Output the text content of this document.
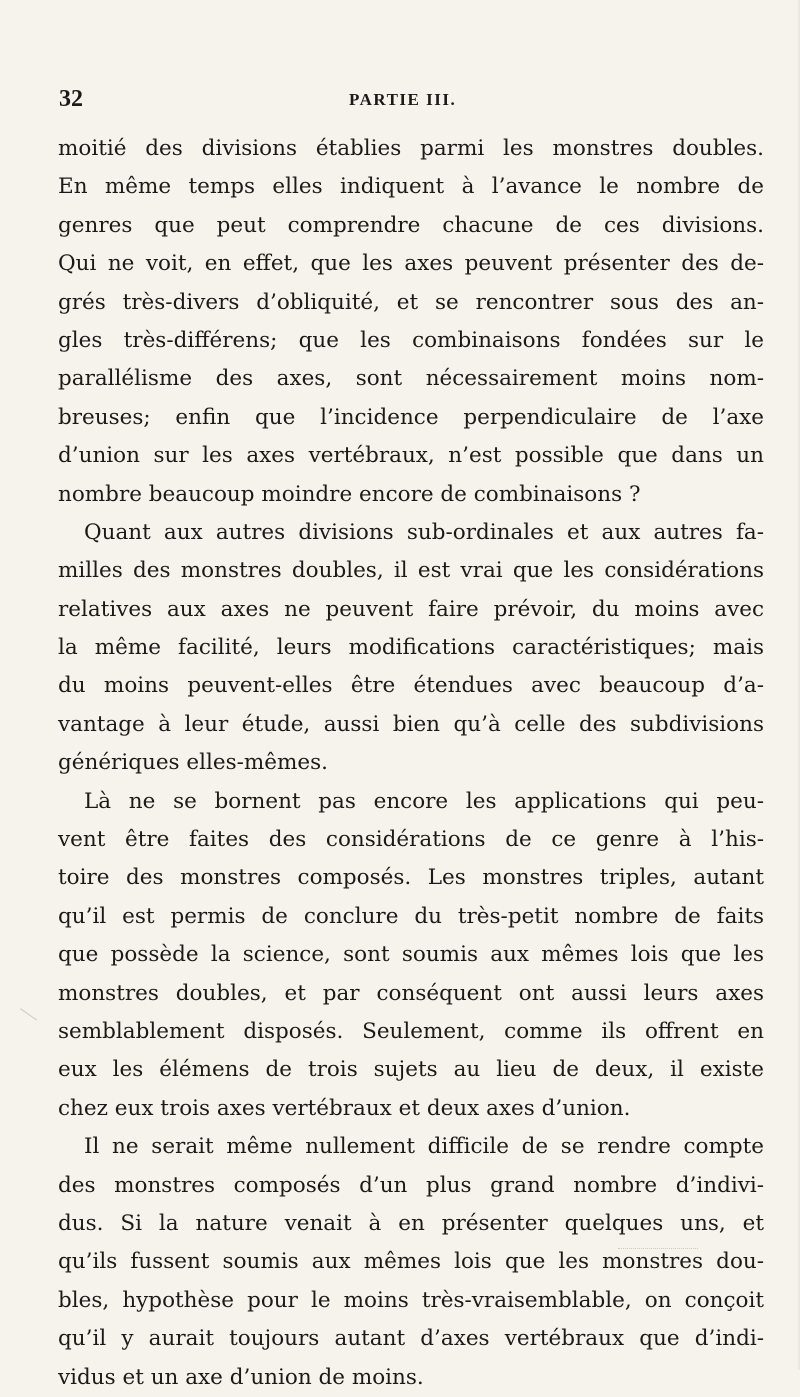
32	PARTIE III.
moitié des divisions établies parmi les monstres doubles.
En même temps elles indiquent à l’avance le nombre de
genres que peut comprendre chacune de ces divisions.
Qui ne voit, en effet, que les axes peuvent présenter des de-
grés très-divers d’obliquité, et se rencontrer sous des an-
gles très-différens; que les combinaisons fondées sur le
parallélisme des axes, sont nécessairement moins nom-
breuses; enfin que l’incidence perpendiculaire de l’axe
d’union sur les axes vertébraux, n’est possible que dans un
nombre beaucoup moindre encore de combinaisons ?
Quant aux autres divisions sub-ordinales et aux autres fa-
milles des monstres doubles, il est vrai que les considérations
relatives aux axes ne peuvent faire prévoir, du moins avec
la même facilité, leurs modifications caractéristiques; mais
du moins peuvent-elles être étendues avec beaucoup d’a-
vantage à leur étude, aussi bien qu’à celle des subdivisions
génériques elles-mêmes.
Là ne se bornent pas encore les applications qui peu-
vent être faites des considérations de ce genre à l’his-
toire des monstres composés. Les monstres triples, autant
qu’il est permis de conclure du très-petit nombre de faits
que possède la science, sont soumis aux mêmes lois que les
monstres doubles, et par conséquent ont aussi leurs axes
semblablement disposés. Seulement, comme ils offrent en
eux les élémens de trois sujets au lieu de deux, il existe
chez eux trois axes vertébraux et deux axes d’union.
Il ne serait même nullement difficile de se rendre compte
des monstres composés d’un plus grand nombre d’indivi-
dus. Si la nature venait à en présenter quelques uns, et
qu’ils fussent soumis aux mêmes lois que les monstres dou-
bles, hypothèse pour le moins très-vraisemblable, on conçoit
qu’il y aurait toujours autant d’axes vertébraux que d’indi-
vidus et un axe d’union de moins.
